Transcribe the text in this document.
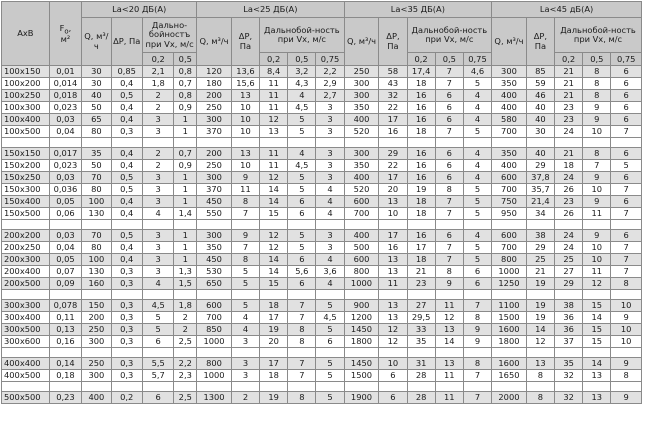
AxB	$F_o$,
м²	La<20 ДБ(А)				La<25 ДБ(А)					La<35 ДБ(А)					La<45 дБ(А)				
		Q, м³/ч	ΔP, Па	Дально-бойностъ при Vx, м/с		Q, м³/ч	ΔP, Па	Дальнобой-ность при Vx, м/с			Q, м³/ч	ΔP, Па	Дальнобой-ность при Vx, м/с			Q, м³/ч	ΔP, Па	Дальнобой-ность при Vx, м/с		
				0,2	0,5			0,2	0,5	0,75			0,2	0,5	0,75			0,2	0,5	0,75
100x150	0,01	30	0,85	2,1	0,8	120	13,6	8,4	3,2	2,2	250	58	17,4	7	4,6	300	85	21	8	6
100x200	0,014	30	0,4	1,8	0,7	180	15,6	11	4,3	2,9	300	43	18	7	5	350	59	21	8	6
100x250	0,018	40	0,5	2	0,8	200	13	11	4	2,7	300	32	16	6	4	400	46	21	8	6
100x300	0,023	50	0,4	2	0,9	250	10	11	4,5	3	350	22	16	6	4	400	40	23	9	6
100x400	0,03	65	0,4	3	1	300	10	12	5	3	400	17	16	6	4	580	40	23	9	6
100x500	0,04	80	0,3	3	1	370	10	13	5	3	520	16	18	7	5	700	30	24	10	7

150x150	0,017	35	0,4	2	0,7	200	13	11	4	3	300	29	16	6	4	350	40	21	8	6
150x200	0,023	50	0,4	2	0,9	250	10	11	4,5	3	350	22	16	6	4	400	29	18	7	5
150x250	0,03	70	0,5	3	1	300	9	12	5	3	400	17	16	6	4	600	37,8	24	9	6
150x300	0,036	80	0,5	3	1	370	11	14	5	4	520	20	19	8	5	700	35,7	26	10	7
150x400	0,05	100	0,4	3	1	450	8	14	6	4	600	13	18	7	5	750	21,4	23	9	6
150x500	0,06	130	0,4	4	1,4	550	7	15	6	4	700	10	18	7	5	950	34	26	11	7

200x200	0,03	70	0,5	3	1	300	9	12	5	3	400	17	16	6	4	600	38	24	9	6
200x250	0,04	80	0,4	3	1	350	7	12	5	3	500	16	17	7	5	700	29	24	10	7
200x300	0,05	100	0,4	3	1	450	8	14	6	4	600	13	18	7	5	800	25	25	10	7
200x400	0,07	130	0,3	3	1,3	530	5	14	5,6	3,6	800	13	21	8	6	1000	21	27	11	7
200x500	0,09	160	0,3	4	1,5	650	5	15	6	4	1000	11	23	9	6	1250	19	29	12	8

300x300	0,078	150	0,3	4,5	1,8	600	5	18	7	5	900	13	27	11	7	1100	19	38	15	10
300x400	0,11	200	0,3	5	2	700	4	17	7	4,5	1200	13	29,5	12	8	1500	19	36	14	9
300x500	0,13	250	0,3	5	2	850	4	19	8	5	1450	12	33	13	9	1600	14	36	15	10
300x600	0,16	300	0,3	6	2,5	1000	3	20	8	6	1800	12	35	14	9	1800	12	37	15	10

400x400	0,14	250	0,3	5,5	2,2	800	3	17	7	5	1450	10	31	13	8	1600	13	35	14	9
400x500	0,18	300	0,3	5,7	2,3	1000	3	18	7	5	1500	6	28	11	7	1650	8	32	13	8

500x500	0,23	400	0,2	6	2,5	1300	2	19	8	5	1900	6	28	11	7	2000	8	32	13	9
